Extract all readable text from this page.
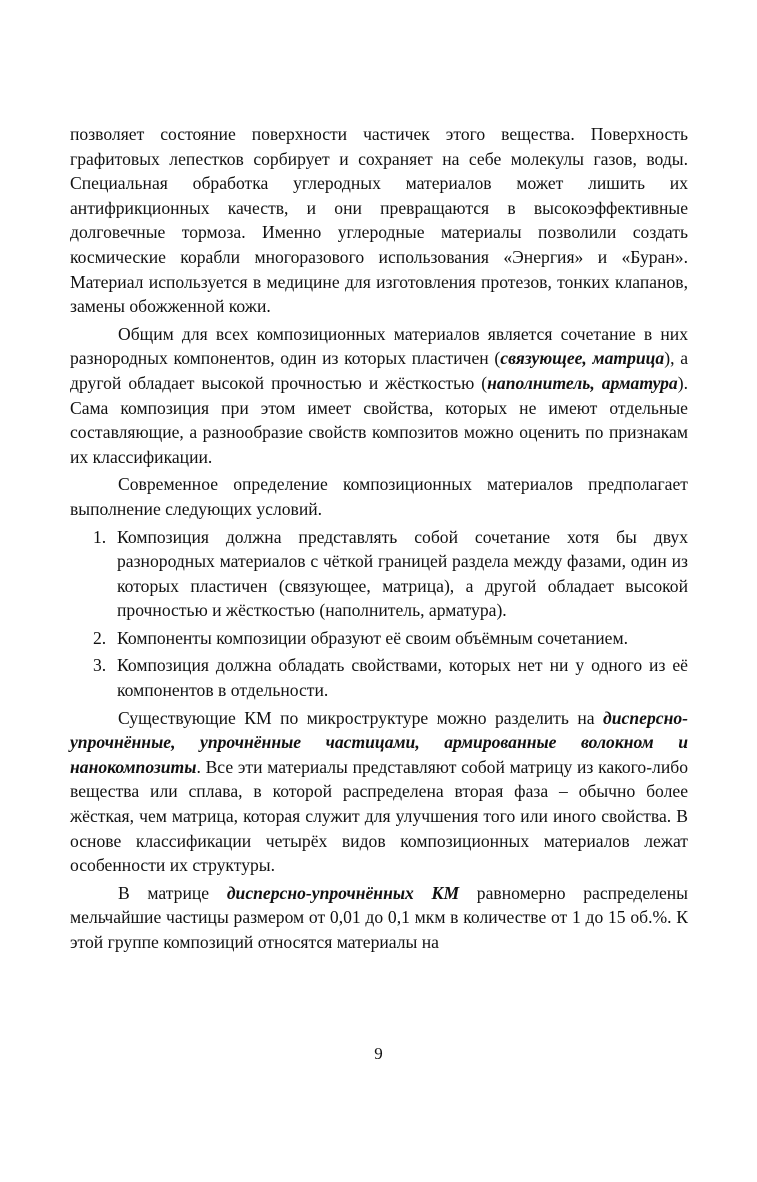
позволяет состояние поверхности частичек этого вещества. Поверхность графитовых лепестков сорбирует и сохраняет на себе молекулы газов, воды. Специальная обработка углеродных материалов может лишить их антифрикционных качеств, и они превращаются в высокоэффективные долговечные тормоза. Именно углеродные материалы позволили создать космические корабли многоразового использования «Энергия» и «Буран». Материал используется в медицине для изготовления протезов, тонких клапанов, замены обожженной кожи.

Общим для всех композиционных материалов является сочетание в них разнородных компонентов, один из которых пластичен (связующее, матрица), а другой обладает высокой прочностью и жёсткостью (наполнитель, арматура). Сама композиция при этом имеет свойства, которых не имеют отдельные составляющие, а разнообразие свойств композитов можно оценить по признакам их классификации.

Современное определение композиционных материалов предполагает выполнение следующих условий.

1. Композиция должна представлять собой сочетание хотя бы двух разнородных материалов с чёткой границей раздела между фазами, один из которых пластичен (связующее, матрица), а другой обладает высокой прочностью и жёсткостью (наполнитель, арматура).
2. Компоненты композиции образуют её своим объёмным сочетанием.
3. Композиция должна обладать свойствами, которых нет ни у одного из её компонентов в отдельности.

Существующие КМ по микроструктуре можно разделить на дисперсно-упрочнённые, упрочнённые частицами, армированные волокном и нанокомпозиты. Все эти материалы представляют собой матрицу из какого-либо вещества или сплава, в которой распределена вторая фаза – обычно более жёсткая, чем матрица, которая служит для улучшения того или иного свойства. В основе классификации четырёх видов композиционных материалов лежат особенности их структуры.

В матрице дисперсно-упрочнённых КМ равномерно распределены мельчайшие частицы размером от 0,01 до 0,1 мкм в количестве от 1 до 15 об.%. К этой группе композиций относятся материалы на

9
